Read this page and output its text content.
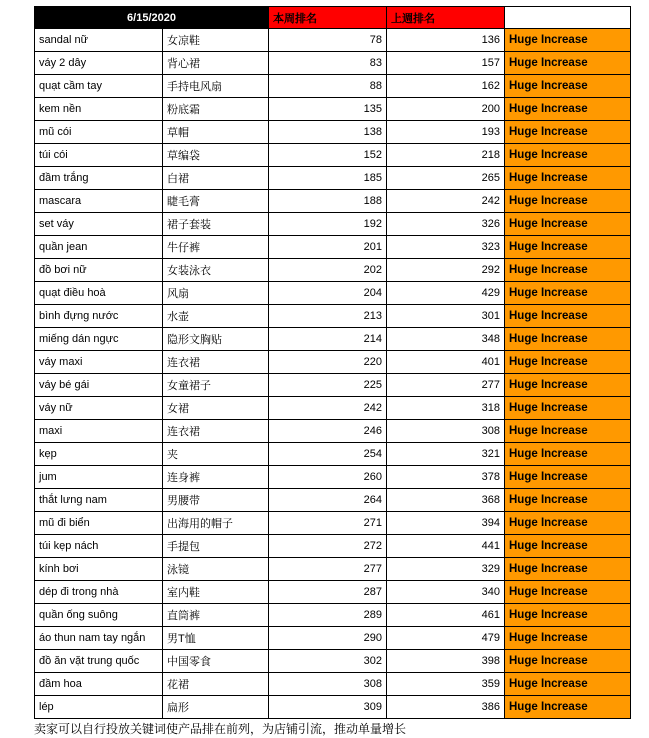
6/15/2020		本周排名	上週排名	
sandal nữ	女凉鞋	78	136	Huge Increase
váy 2 dây	背心裙	83	157	Huge Increase
quạt cầm tay	手持电风扇	88	162	Huge Increase
kem nền	粉底霜	135	200	Huge Increase
mũ cói	草帽	138	193	Huge Increase
túi cói	草编袋	152	218	Huge Increase
đầm trắng	白裙	185	265	Huge Increase
mascara	睫毛膏	188	242	Huge Increase
set váy	裙子套装	192	326	Huge Increase
quần jean	牛仔裤	201	323	Huge Increase
đồ bơi nữ	女装泳衣	202	292	Huge Increase
quạt điều hoà	风扇	204	429	Huge Increase
bình đựng nước	水壶	213	301	Huge Increase
miếng dán ngực	隐形文胸贴	214	348	Huge Increase
váy maxi	连衣裙	220	401	Huge Increase
váy bé gái	女童裙子	225	277	Huge Increase
váy nữ	女裙	242	318	Huge Increase
maxi	连衣裙	246	308	Huge Increase
kẹp	夹	254	321	Huge Increase
jum	连身裤	260	378	Huge Increase
thắt lưng nam	男腰带	264	368	Huge Increase
mũ đi biển	出海用的帽子	271	394	Huge Increase
túi kẹp nách	手提包	272	441	Huge Increase
kính bơi	泳镜	277	329	Huge Increase
dép đi trong nhà	室内鞋	287	340	Huge Increase
quần ống suông	直筒裤	289	461	Huge Increase
áo thun nam tay ngắn	男T恤	290	479	Huge Increase
đồ ăn vặt trung quốc	中国零食	302	398	Huge Increase
đầm hoa	花裙	308	359	Huge Increase
lép	扁形	309	386	Huge Increase
卖家可以自行投放关键词使产品排在前列，为店铺引流，推动单量增长
